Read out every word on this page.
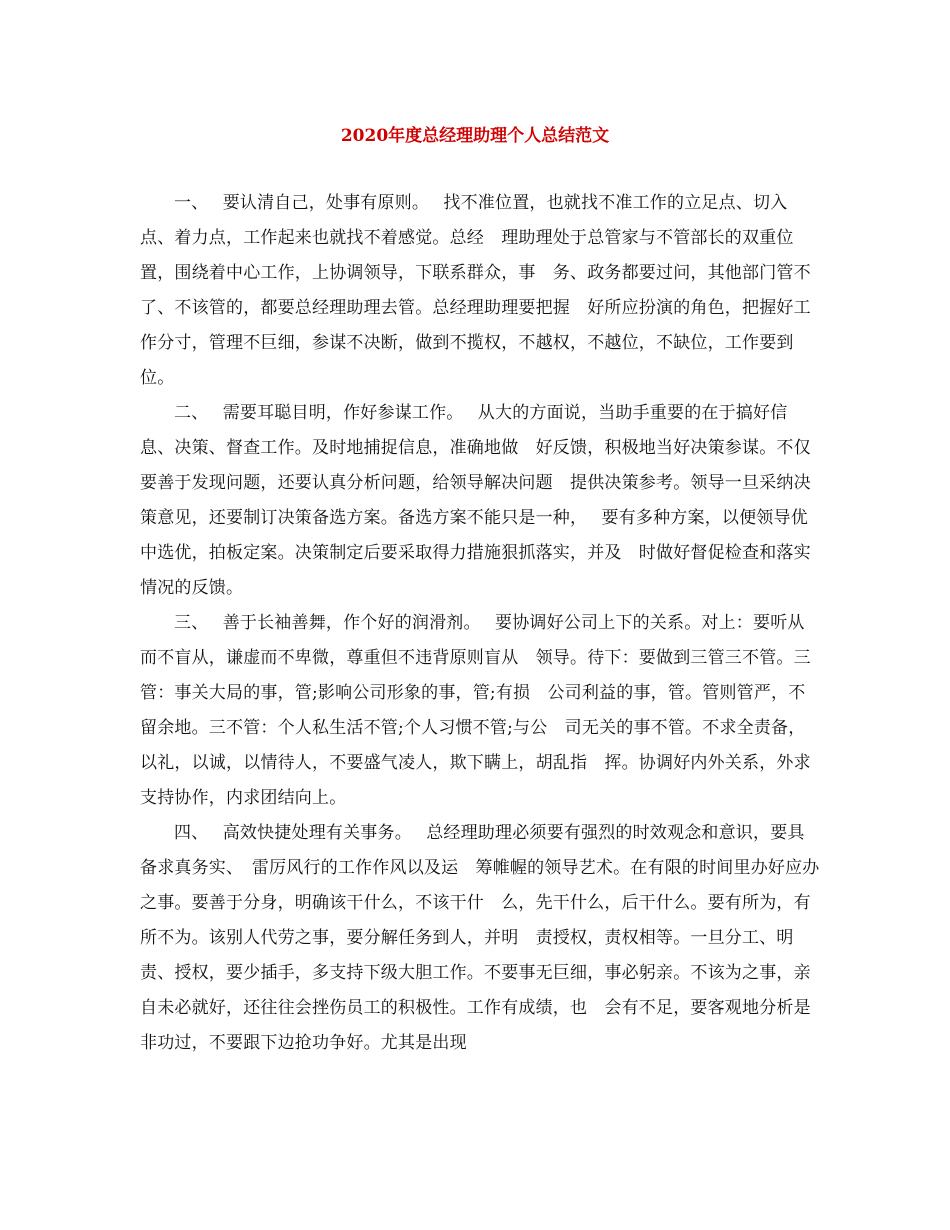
2020年度总经理助理个人总结范文

一、　 要认清自己，处事有原则。　 找不准位置，也就找不准工作的立足点、切入点、着力点，工作起来也就找不着感觉。总经　理助理处于总管家与不管部长的双重位置，围绕着中心工作，上协调领导，下联系群众，事　务、政务都要过问，其他部门管不了、不该管的，都要总经理助理去管。总经理助理要把握　好所应扮演的角色，把握好工作分寸，管理不巨细，参谋不决断，做到不揽权，不越权，不越位，不缺位，工作要到位。

二、　 需要耳聪目明，作好参谋工作。　 从大的方面说，当助手重要的在于搞好信息、决策、督查工作。及时地捕捉信息，准确地做　好反馈，积极地当好决策参谋。不仅要善于发现问题，还要认真分析问题，给领导解决问题　提供决策参考。领导一旦采纳决策意见，还要制订决策备选方案。备选方案不能只是一种，　 要有多种方案，以便领导优中选优，拍板定案。决策制定后要采取得力措施狠抓落实，并及　时做好督促检查和落实情况的反馈。

三、　 善于长袖善舞，作个好的润滑剂。　 要协调好公司上下的关系。对上：要听从而不盲从，谦虚而不卑微，尊重但不违背原则盲从　领导。待下：要做到三管三不管。三管：事关大局的事，管;影响公司形象的事，管;有损　公司利益的事，管。管则管严，不留余地。三不管：个人私生活不管;个人习惯不管;与公　司无关的事不管。不求全责备，以礼，以诚，以情待人，不要盛气凌人，欺下瞒上，胡乱指　挥。协调好内外关系，外求支持协作，内求团结向上。

四、　 高效快捷处理有关事务。　 总经理助理必须要有强烈的时效观念和意识，要具备求真务实、　雷厉风行的工作作风以及运　筹帷幄的领导艺术。在有限的时间里办好应办之事。要善于分身，明确该干什么，不该干什　么，先干什么，后干什么。要有所为，有所不为。该别人代劳之事，要分解任务到人，并明　责授权，责权相等。一旦分工、明责、授权，要少插手，多支持下级大胆工作。不要事无巨细，事必躬亲。不该为之事，亲自未必就好，还往往会挫伤员工的积极性。工作有成绩，也　会有不足，要客观地分析是非功过，不要跟下边抢功争好。尤其是出现
